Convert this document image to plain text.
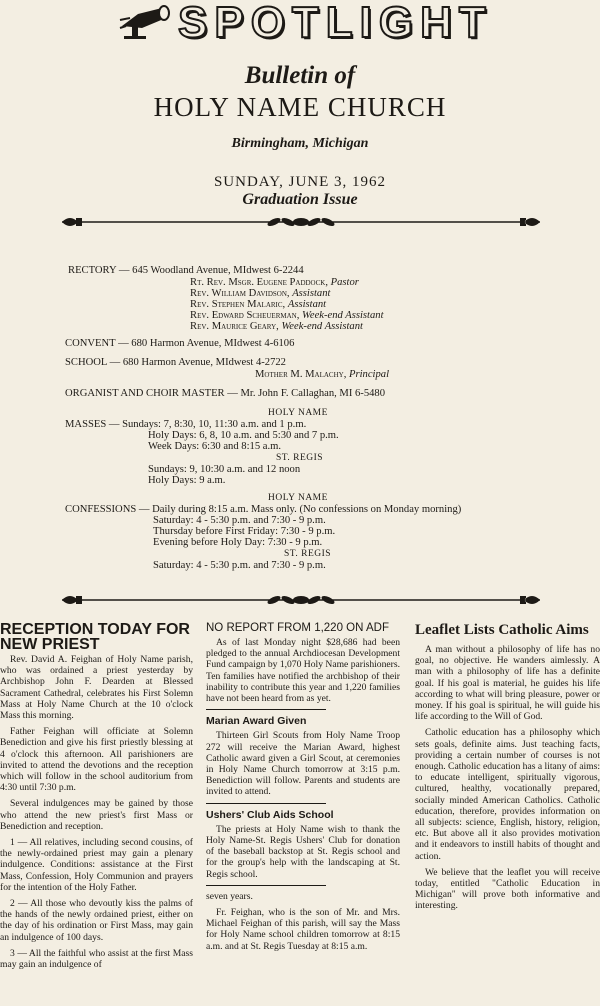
SPOTLIGHT
Bulletin of
HOLY NAME CHURCH
Birmingham, Michigan
SUNDAY, JUNE 3, 1962
Graduation Issue
RECTORY — 645 Woodland Avenue, MIdwest 6-2244
Rt. Rev. Msgr. Eugene Paddock, Pastor
Rev. William Davidson, Assistant
Rev. Stephen Malaric, Assistant
Rev. Edward Scheuerman, Week-end Assistant
Rev. Maurice Geary, Week-end Assistant
CONVENT — 680 Harmon Avenue, MIdwest 4-6106
SCHOOL — 680 Harmon Avenue, MIdwest 4-2722
Mother M. Malachy, Principal
ORGANIST AND CHOIR MASTER — Mr. John F. Callaghan, MI 6-5480
HOLY NAME
MASSES — Sundays: 7, 8:30, 10, 11:30 a.m. and 1 p.m.
Holy Days: 6, 8, 10 a.m. and 5:30 and 7 p.m.
Week Days: 6:30 and 8:15 a.m.
ST. REGIS
Sundays: 9, 10:30 a.m. and 12 noon
Holy Days: 9 a.m.
HOLY NAME
CONFESSIONS — Daily during 8:15 a.m. Mass only. (No confessions on Monday morning)
Saturday: 4 - 5:30 p.m. and 7:30 - 9 p.m.
Thursday before First Friday: 7:30 - 9 p.m.
Evening before Holy Day: 7:30 - 9 p.m.
ST. REGIS
Saturday: 4 - 5:30 p.m. and 7:30 - 9 p.m.
RECEPTION TODAY FOR NEW PRIEST

Rev. David A. Feighan of Holy Name parish, who was ordained a priest yesterday by Archbishop John F. Dearden at Blessed Sacrament Cathedral, celebrates his First Solemn Mass at Holy Name Church at the 10 o'clock Mass this morning.

Father Feighan will officiate at Solemn Benediction and give his first priestly blessing at 4 o'clock this afternoon. All parishioners are invited to attend the devotions and the reception which will follow in the school auditorium from 4:30 until 7:30 p.m.

Several indulgences may be gained by those who attend the new priest's first Mass or Benediction and reception.

1 — All relatives, including second cousins, of the newly-ordained priest may gain a plenary indulgence. Conditions: assistance at the First Mass, Confession, Holy Communion and prayers for the intention of the Holy Father.

2 — All those who devoutly kiss the palms of the hands of the newly ordained priest, either on the day of his ordination or First Mass, may gain an indulgence of 100 days.

3 — All the faithful who assist at the first Mass may gain an indulgence of

NO REPORT FROM 1,220 ON ADF

As of last Monday night $28,686 had been pledged to the annual Archdiocesan Development Fund campaign by 1,070 Holy Name parishioners. Ten families have notified the archbishop of their inability to contribute this year and 1,220 families have not been heard from as yet.

Marian Award Given

Thirteen Girl Scouts from Holy Name Troop 272 will receive the Marian Award, highest Catholic award given a Girl Scout, at ceremonies in Holy Name Church tomorrow at 3:15 p.m. Benediction will follow. Parents and students are invited to attend.

Ushers' Club Aids School

The priests at Holy Name wish to thank the Holy Name-St. Regis Ushers' Club for donation of the baseball backstop at St. Regis school and for the group's help with the landscaping at St. Regis school.

seven years.

Fr. Feighan, who is the son of Mr. and Mrs. Michael Feighan of this parish, will say the Mass for Holy Name school children tomorrow at 8:15 a.m. and at St. Regis Tuesday at 8:15 a.m.

Leaflet Lists Catholic Aims

A man without a philosophy of life has no goal, no objective. He wanders aimlessly. A man with a philosophy of life has a definite goal. If his goal is material, he guides his life according to what will bring pleasure, power or money. If his goal is spiritual, he will guide his life according to the Will of God.

Catholic education has a philosophy which sets goals, definite aims. Just teaching facts, providing a certain number of courses is not enough. Catholic education has a litany of aims: to educate intelligent, spiritually vigorous, cultured, healthy, vocationally prepared, socially minded American Catholics. Catholic education, therefore, provides information on all subjects: science, English, history, religion, etc. But above all it also provides motivation and it endeavors to instill habits of thought and action.

We believe that the leaflet you will receive today, entitled "Catholic Education in Michigan" will prove both informative and interesting.
